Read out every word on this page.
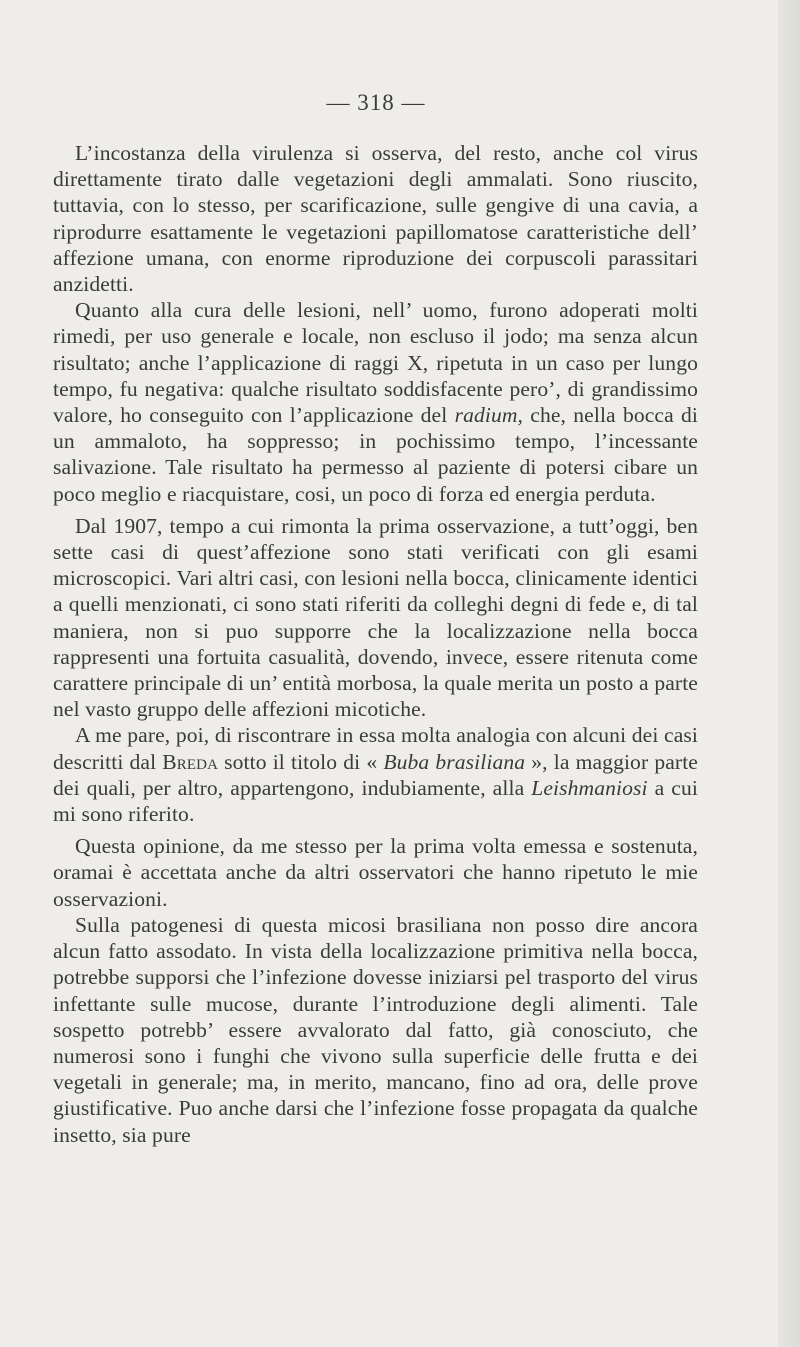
— 318 —

L’incostanza della virulenza si osserva, del resto, anche col virus direttamente tirato dalle vegetazioni degli ammalati. Sono riuscito, tuttavia, con lo stesso, per scarificazione, sulle gengive di una cavia, a riprodurre esattamente le vegetazioni papillomatose caratteristiche dell’ affezione umana, con enorme riproduzione dei corpuscoli parassitari anzidetti.

Quanto alla cura delle lesioni, nell’ uomo, furono adoperati molti rimedi, per uso generale e locale, non escluso il jodo; ma senza alcun risultato; anche l’applicazione di raggi X, ripetuta in un caso per lungo tempo, fu negativa: qualche risultato soddisfacente pero’, di grandissimo valore, ho conseguito con l’applicazione del radium, che, nella bocca di un ammaloto, ha soppresso; in pochissimo tempo, l’incessante salivazione. Tale risultato ha permesso al paziente di potersi cibare un poco meglio e riacquistare, cosi, un poco di forza ed energia perduta.

Dal 1907, tempo a cui rimonta la prima osservazione, a tutt’oggi, ben sette casi di quest’affezione sono stati verificati con gli esami microscopici. Vari altri casi, con lesioni nella bocca, clinicamente identici a quelli menzionati, ci sono stati riferiti da colleghi degni di fede e, di tal maniera, non si puo supporre che la localizzazione nella bocca rappresenti una fortuita casualità, dovendo, invece, essere ritenuta come carattere principale di un’ entità morbosa, la quale merita un posto a parte nel vasto gruppo delle affezioni micotiche.

A me pare, poi, di riscontrare in essa molta analogia con alcuni dei casi descritti dal Breda sotto il titolo di « Buba brasiliana », la maggior parte dei quali, per altro, appartengono, indubiamente, alla Leishmaniosi a cui mi sono riferito.

Questa opinione, da me stesso per la prima volta emessa e sostenuta, oramai è accettata anche da altri osservatori che hanno ripetuto le mie osservazioni.

Sulla patogenesi di questa micosi brasiliana non posso dire ancora alcun fatto assodato. In vista della localizzazione primitiva nella bocca, potrebbe supporsi che l’infezione dovesse iniziarsi pel trasporto del virus infettante sulle mucose, durante l’introduzione degli alimenti. Tale sospetto potrebb’ essere avvalorato dal fatto, già conosciuto, che numerosi sono i funghi che vivono sulla superficie delle frutta e dei vegetali in generale; ma, in merito, mancano, fino ad ora, delle prove giustificative. Puo anche darsi che l’infezione fosse propagata da qualche insetto, sia pure
